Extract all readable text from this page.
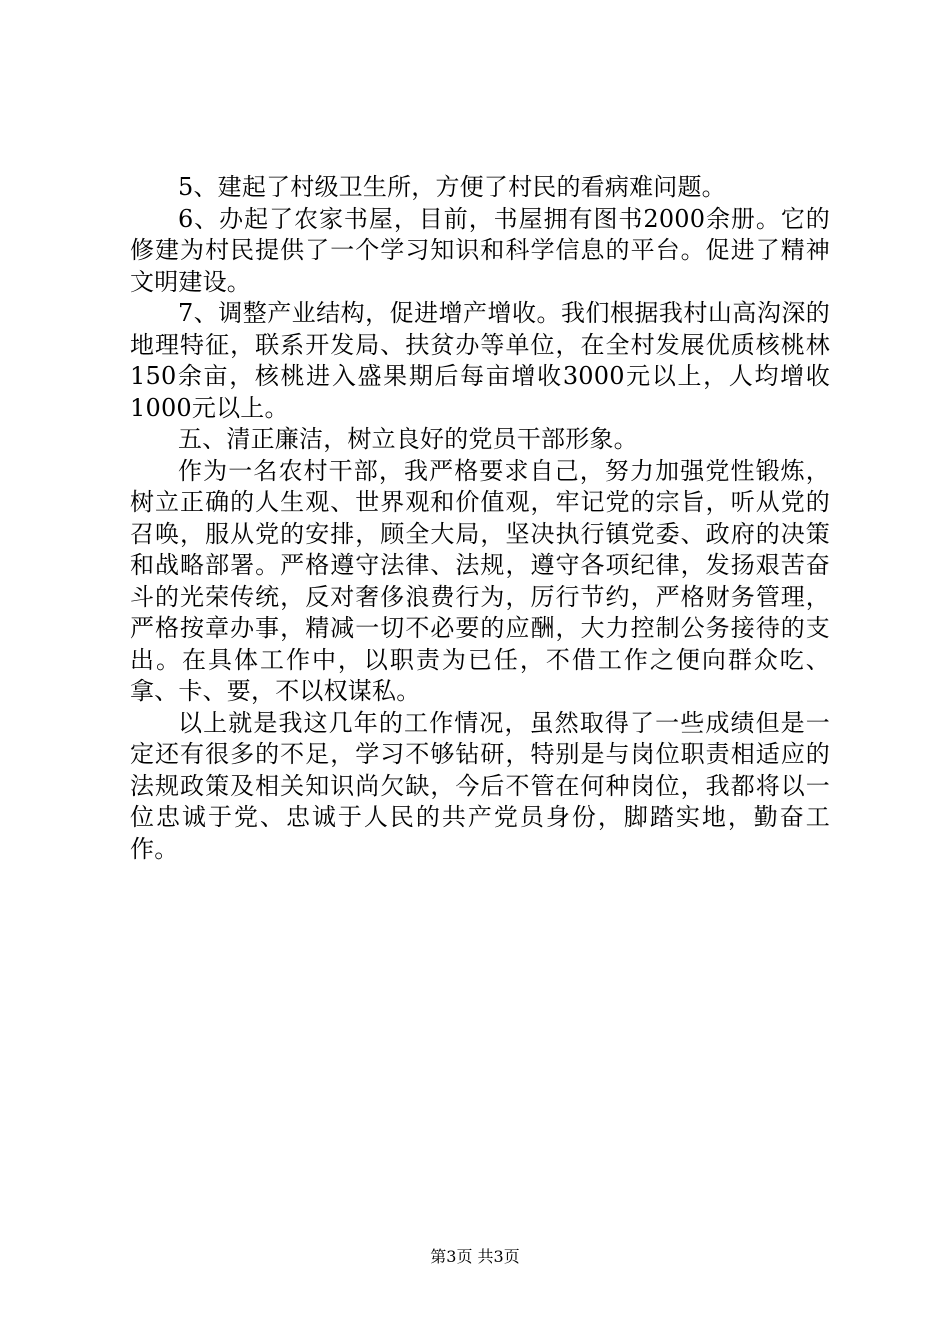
5、建起了村级卫生所，方便了村民的看病难问题。

6、办起了农家书屋，目前，书屋拥有图书2000余册。它的修建为村民提供了一个学习知识和科学信息的平台。促进了精神文明建设。

7、调整产业结构，促进增产增收。我们根据我村山高沟深的地理特征，联系开发局、扶贫办等单位，在全村发展优质核桃林150余亩，核桃进入盛果期后每亩增收3000元以上，人均增收1000元以上。

五、清正廉洁，树立良好的党员干部形象。

作为一名农村干部，我严格要求自己，努力加强党性锻炼，树立正确的人生观、世界观和价值观，牢记党的宗旨，听从党的召唤，服从党的安排，顾全大局，坚决执行镇党委、政府的决策和战略部署。严格遵守法律、法规，遵守各项纪律，发扬艰苦奋斗的光荣传统，反对奢侈浪费行为，厉行节约，严格财务管理，严格按章办事，精减一切不必要的应酬，大力控制公务接待的支出。在具体工作中，以职责为已任，不借工作之便向群众吃、拿、卡、要，不以权谋私。

以上就是我这几年的工作情况，虽然取得了一些成绩但是一定还有很多的不足，学习不够钻研，特别是与岗位职责相适应的法规政策及相关知识尚欠缺，今后不管在何种岗位，我都将以一位忠诚于党、忠诚于人民的共产党员身份，脚踏实地，勤奋工作。

第3页 共3页
